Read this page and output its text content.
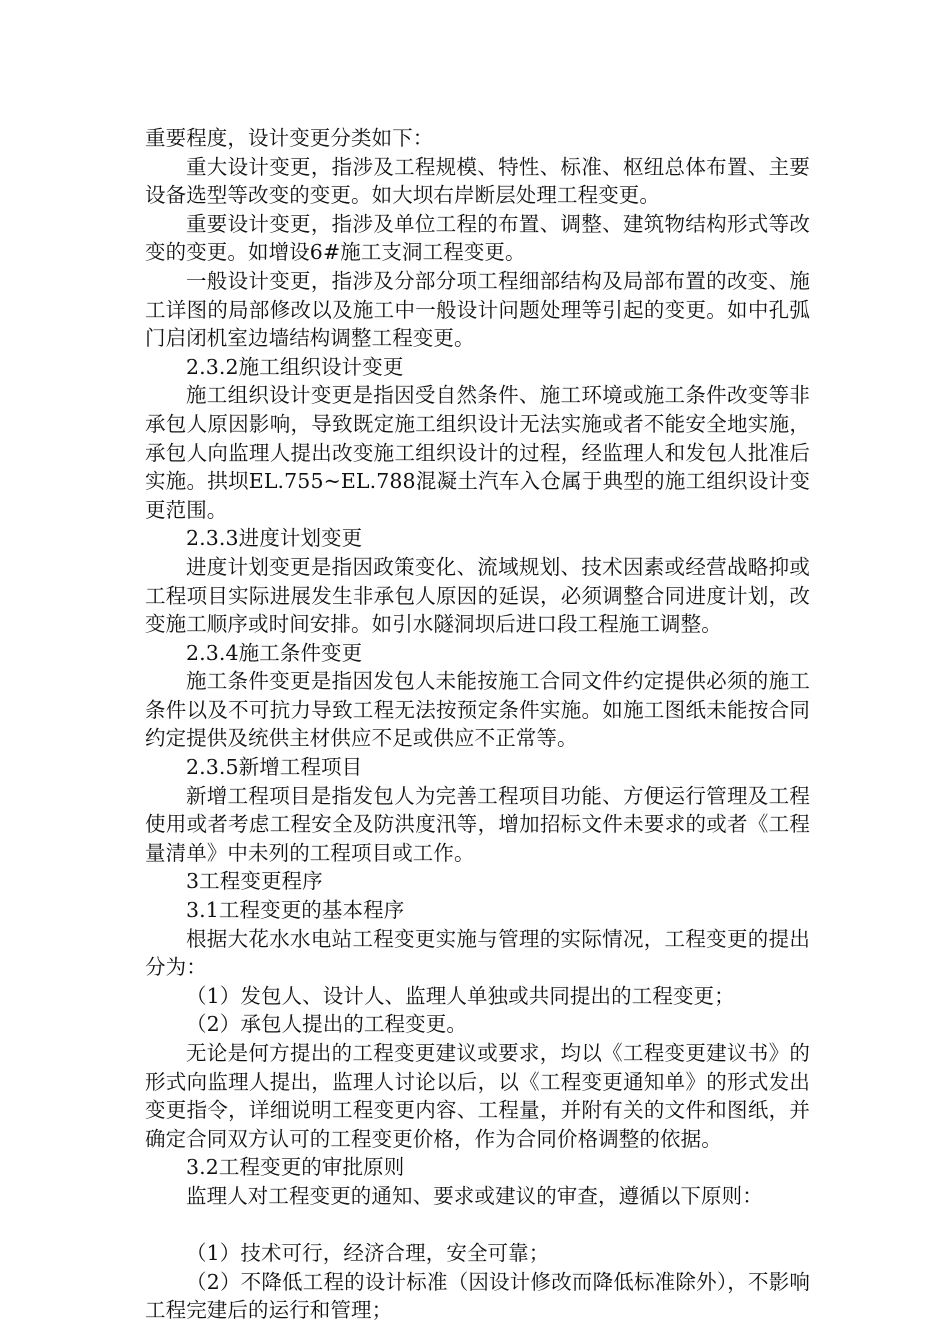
重要程度，设计变更分类如下：

重大设计变更，指涉及工程规模、特性、标准、枢纽总体布置、主要设备选型等改变的变更。如大坝右岸断层处理工程变更。

重要设计变更，指涉及单位工程的布置、调整、建筑物结构形式等改变的变更。如增设6#施工支洞工程变更。

一般设计变更，指涉及分部分项工程细部结构及局部布置的改变、施工详图的局部修改以及施工中一般设计问题处理等引起的变更。如中孔弧门启闭机室边墙结构调整工程变更。

2.3.2施工组织设计变更

施工组织设计变更是指因受自然条件、施工环境或施工条件改变等非承包人原因影响，导致既定施工组织设计无法实施或者不能安全地实施，承包人向监理人提出改变施工组织设计的过程，经监理人和发包人批准后实施。拱坝EL.755~EL.788混凝土汽车入仓属于典型的施工组织设计变更范围。

2.3.3进度计划变更

进度计划变更是指因政策变化、流域规划、技术因素或经营战略抑或工程项目实际进展发生非承包人原因的延误，必须调整合同进度计划，改变施工顺序或时间安排。如引水隧洞坝后进口段工程施工调整。

2.3.4施工条件变更

施工条件变更是指因发包人未能按施工合同文件约定提供必须的施工条件以及不可抗力导致工程无法按预定条件实施。如施工图纸未能按合同约定提供及统供主材供应不足或供应不正常等。

2.3.5新增工程项目

新增工程项目是指发包人为完善工程项目功能、方便运行管理及工程使用或者考虑工程安全及防洪度汛等，增加招标文件未要求的或者《工程量清单》中未列的工程项目或工作。

3工程变更程序

3.1工程变更的基本程序

根据大花水水电站工程变更实施与管理的实际情况，工程变更的提出分为：

（1）发包人、设计人、监理人单独或共同提出的工程变更；

（2）承包人提出的工程变更。

无论是何方提出的工程变更建议或要求，均以《工程变更建议书》的形式向监理人提出，监理人讨论以后，以《工程变更通知单》的形式发出变更指令，详细说明工程变更内容、工程量，并附有关的文件和图纸，并确定合同双方认可的工程变更价格，作为合同价格调整的依据。

3.2工程变更的审批原则

监理人对工程变更的通知、要求或建议的审查，遵循以下原则：

（1）技术可行，经济合理，安全可靠；

（2）不降低工程的设计标准（因设计修改而降低标准除外），不影响工程完建后的运行和管理；
